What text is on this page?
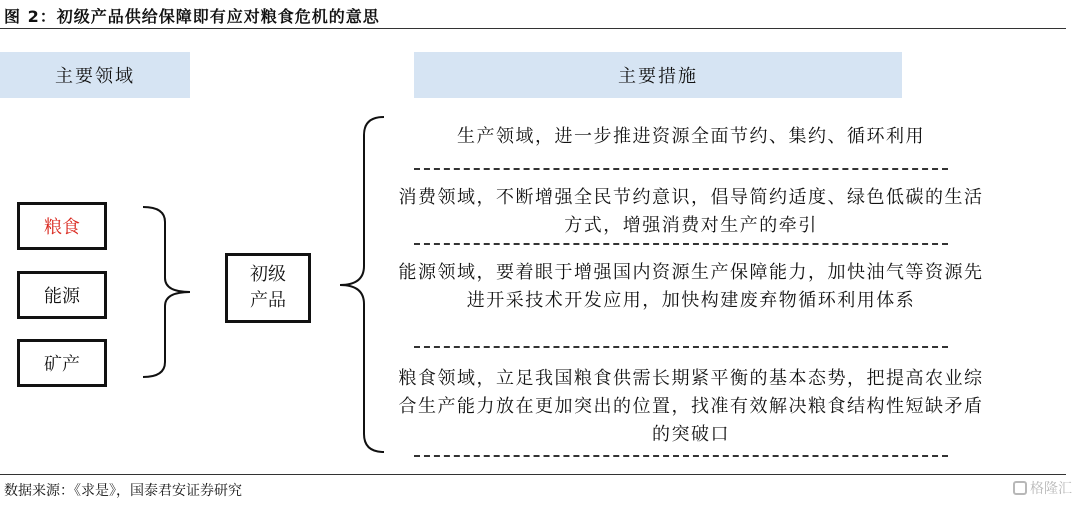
图 2：初级产品供给保障即有应对粮食危机的意思
主要领域	主要措施
粮食
能源
矿产
初级
产品
生产领域，进一步推进资源全面节约、集约、循环利用
消费领域，不断增强全民节约意识，倡导简约适度、绿色低碳的生活方式，增强消费对生产的牵引
能源领域，要着眼于增强国内资源生产保障能力，加快油气等资源先进开采技术开发应用，加快构建废弃物循环利用体系
粮食领域，立足我国粮食供需长期紧平衡的基本态势，把提高农业综合生产能力放在更加突出的位置，找准有效解决粮食结构性短缺矛盾的突破口
数据来源：《求是》，国泰君安证券研究	格隆汇
